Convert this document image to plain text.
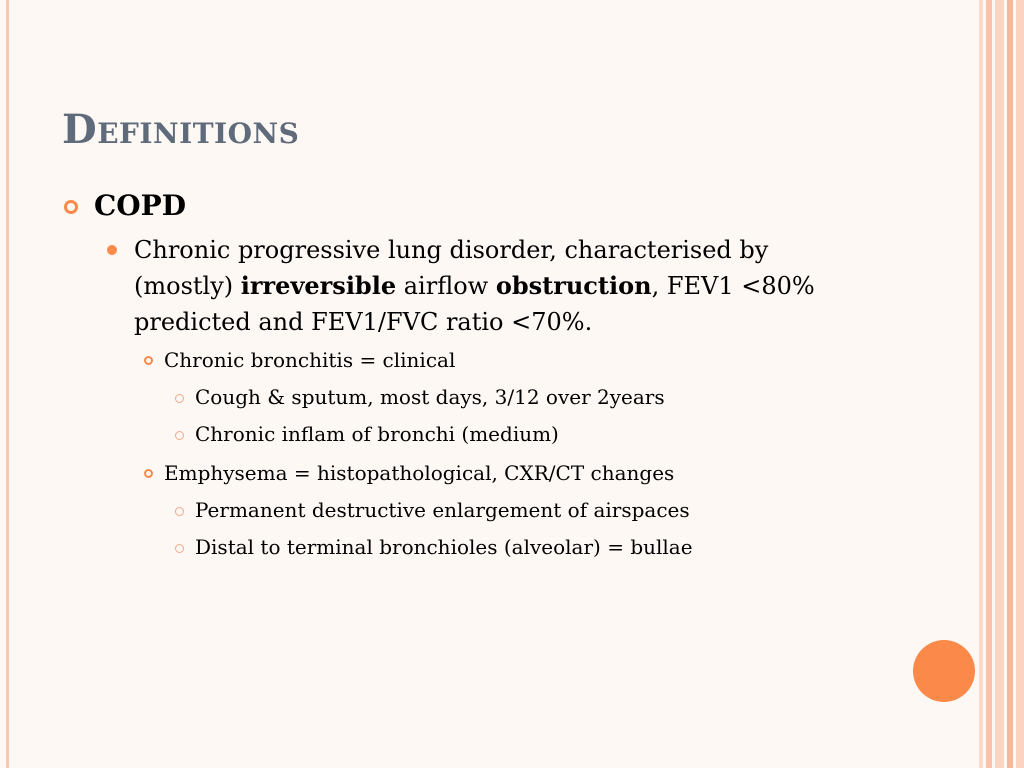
Definitions
COPD
Chronic progressive lung disorder, characterised by (mostly) irreversible airflow obstruction, FEV1 <80% predicted and FEV1/FVC ratio <70%.
Chronic bronchitis = clinical
Cough & sputum, most days, 3/12 over 2years
Chronic inflam of bronchi (medium)
Emphysema = histopathological, CXR/CT changes
Permanent destructive enlargement of airspaces
Distal to terminal bronchioles (alveolar) = bullae
